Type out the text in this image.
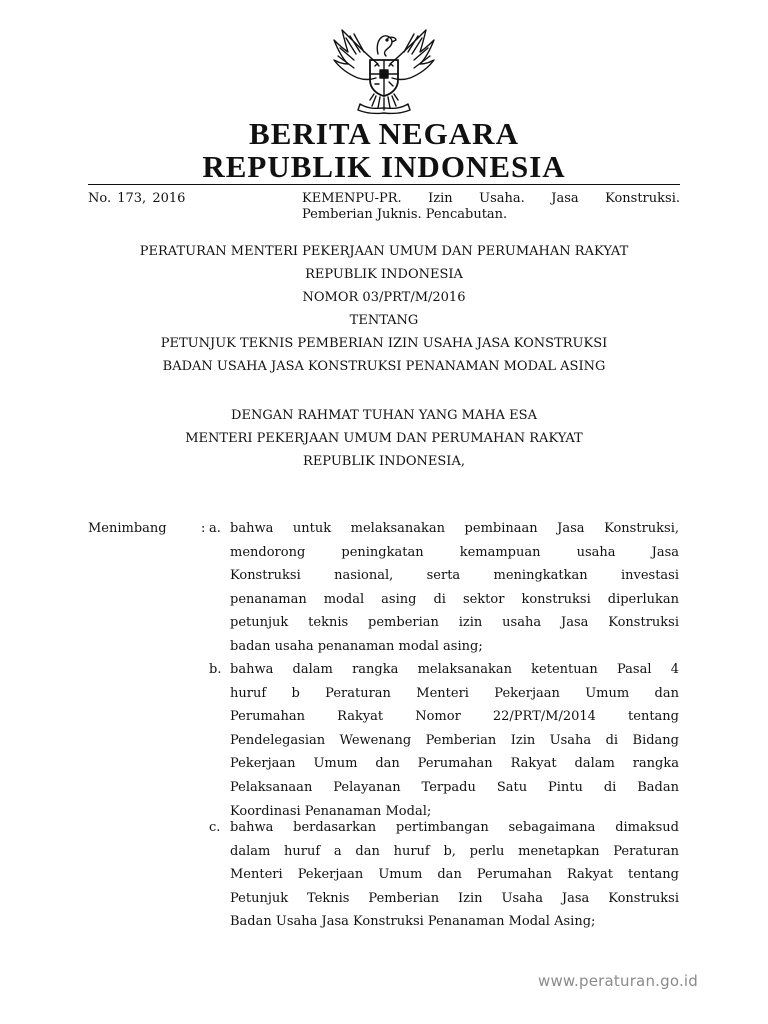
BERITA NEGARA
REPUBLIK INDONESIA
No. 173, 2016	KEMENPU-PR. Izin Usaha. Jasa Konstruksi.
Pemberian Juknis. Pencabutan.
PERATURAN MENTERI PEKERJAAN UMUM DAN PERUMAHAN RAKYAT
REPUBLIK INDONESIA
NOMOR 03/PRT/M/2016
TENTANG
PETUNJUK TEKNIS PEMBERIAN IZIN USAHA JASA KONSTRUKSI
BADAN USAHA JASA KONSTRUKSI PENANAMAN MODAL ASING
DENGAN RAHMAT TUHAN YANG MAHA ESA
MENTERI PEKERJAAN UMUM DAN PERUMAHAN RAKYAT
REPUBLIK INDONESIA,
Menimbang	: a. bahwa untuk melaksanakan pembinaan Jasa Konstruksi,
mendorong peningkatan kemampuan usaha Jasa
Konstruksi nasional, serta meningkatkan investasi
penanaman modal asing di sektor konstruksi diperlukan
petunjuk teknis pemberian izin usaha Jasa Konstruksi
badan usaha penanaman modal asing;
b. bahwa dalam rangka melaksanakan ketentuan Pasal 4
huruf b Peraturan Menteri Pekerjaan Umum dan
Perumahan Rakyat Nomor 22/PRT/M/2014 tentang
Pendelegasian Wewenang Pemberian Izin Usaha di Bidang
Pekerjaan Umum dan Perumahan Rakyat dalam rangka
Pelaksanaan Pelayanan Terpadu Satu Pintu di Badan
Koordinasi Penanaman Modal;
c. bahwa berdasarkan pertimbangan sebagaimana dimaksud
dalam huruf a dan huruf b, perlu menetapkan Peraturan
Menteri Pekerjaan Umum dan Perumahan Rakyat tentang
Petunjuk Teknis Pemberian Izin Usaha Jasa Konstruksi
Badan Usaha Jasa Konstruksi Penanaman Modal Asing;
www.peraturan.go.id
